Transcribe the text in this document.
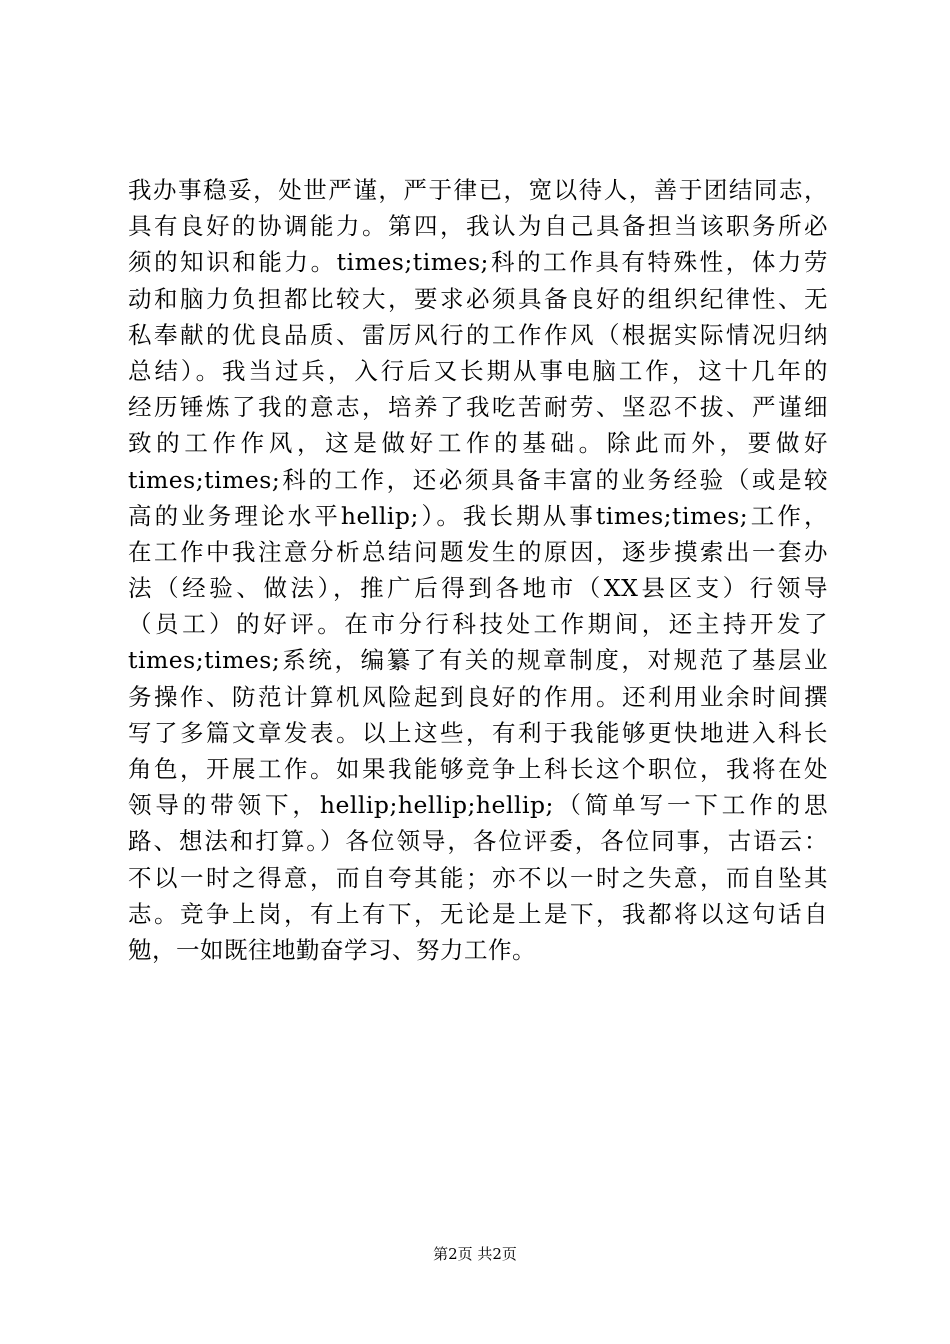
我办事稳妥，处世严谨，严于律已，宽以待人，善于团结同志，
具有良好的协调能力。第四，我认为自己具备担当该职务所必
须的知识和能力。times;times;科的工作具有特殊性，体力劳
动和脑力负担都比较大，要求必须具备良好的组织纪律性、无
私奉献的优良品质、雷厉风行的工作作风（根据实际情况归纳
总结）。我当过兵，入行后又长期从事电脑工作，这十几年的
经历锤炼了我的意志，培养了我吃苦耐劳、坚忍不拔、严谨细
致的工作作风，这是做好工作的基础。除此而外，要做好
times;times;科的工作，还必须具备丰富的业务经验（或是较
高的业务理论水平hellip;）。我长期从事times;times;工作，
在工作中我注意分析总结问题发生的原因，逐步摸索出一套办
法（经验、做法），推广后得到各地市（XX县区支）行领导
（员工）的好评。在市分行科技处工作期间，还主持开发了
times;times;系统，编纂了有关的规章制度，对规范了基层业
务操作、防范计算机风险起到良好的作用。还利用业余时间撰
写了多篇文章发表。以上这些，有利于我能够更快地进入科长
角色，开展工作。如果我能够竞争上科长这个职位，我将在处
领导的带领下，hellip;hellip;hellip;（简单写一下工作的思
路、想法和打算。）各位领导，各位评委，各位同事，古语云：
不以一时之得意，而自夸其能；亦不以一时之失意，而自坠其
志。竞争上岗，有上有下，无论是上是下，我都将以这句话自
勉，一如既往地勤奋学习、努力工作。
第2页 共2页
